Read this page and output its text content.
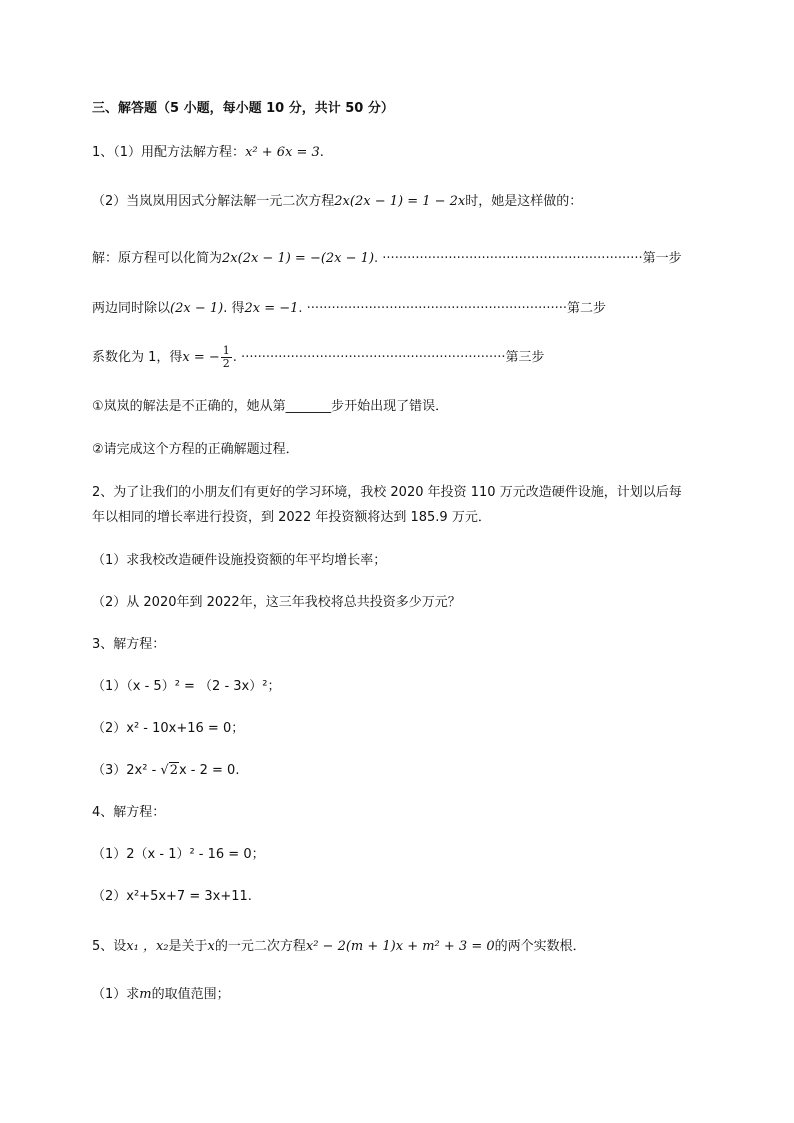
三、解答题（5 小题，每小题 10 分，共计 50 分）
1、（1）用配方法解方程：x² + 6x = 3.
（2）当岚岚用因式分解法解一元二次方程2x(2x − 1) = 1 − 2x时，她是这样做的：
解：原方程可以化简为2x(2x − 1) = −(2x − 1). ·······························································第一步
两边同时除以(2x − 1). 得2x = −1. ·······························································第二步
系数化为 1，得x = − $\frac{1}{2}$ . ································································第三步
①岚岚的解法是不正确的，她从第_______步开始出现了错误．
②请完成这个方程的正确解题过程．
2、为了让我们的小朋友们有更好的学习环境，我校 2020 年投资 110 万元改造硬件设施，计划以后每
年以相同的增长率进行投资，到 2022 年投资额将达到 185.9 万元．
（1）求我校改造硬件设施投资额的年平均增长率；
（2）从 2020年到 2022年，这三年我校将总共投资多少万元？
3、解方程：
（1）（x - 5）² = （2 - 3x）²；
（2）x² - 10x+16 = 0；
（3）2x² - √2x - 2 = 0.
4、解方程：
（1）2（x - 1）² - 16 = 0；
（2）x²+5x+7 = 3x+11.
5、设x₁ ，x₂是关于x的一元二次方程x² − 2(m + 1)x + m² + 3 = 0的两个实数根．
（1）求m的取值范围；
